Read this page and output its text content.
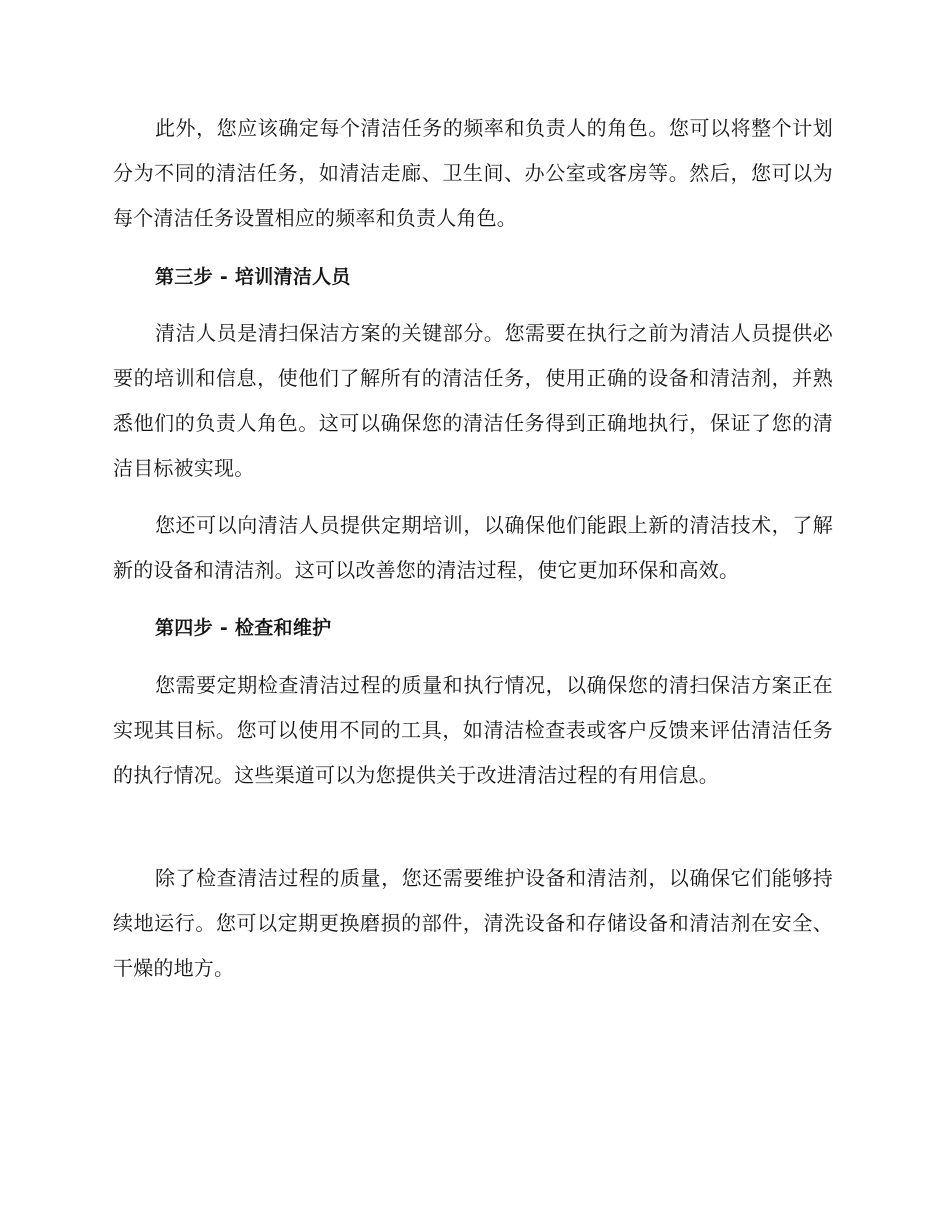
此外，您应该确定每个清洁任务的频率和负责人的角色。您可以将整个计划分为不同的清洁任务，如清洁走廊、卫生间、办公室或客房等。然后，您可以为每个清洁任务设置相应的频率和负责人角色。

第三步 - 培训清洁人员

清洁人员是清扫保洁方案的关键部分。您需要在执行之前为清洁人员提供必要的培训和信息，使他们了解所有的清洁任务，使用正确的设备和清洁剂，并熟悉他们的负责人角色。这可以确保您的清洁任务得到正确地执行，保证了您的清洁目标被实现。

您还可以向清洁人员提供定期培训，以确保他们能跟上新的清洁技术，了解新的设备和清洁剂。这可以改善您的清洁过程，使它更加环保和高效。

第四步 - 检查和维护

您需要定期检查清洁过程的质量和执行情况，以确保您的清扫保洁方案正在实现其目标。您可以使用不同的工具，如清洁检查表或客户反馈来评估清洁任务的执行情况。这些渠道可以为您提供关于改进清洁过程的有用信息。

除了检查清洁过程的质量，您还需要维护设备和清洁剂，以确保它们能够持续地运行。您可以定期更换磨损的部件，清洗设备和存储设备和清洁剂在安全、干燥的地方。
